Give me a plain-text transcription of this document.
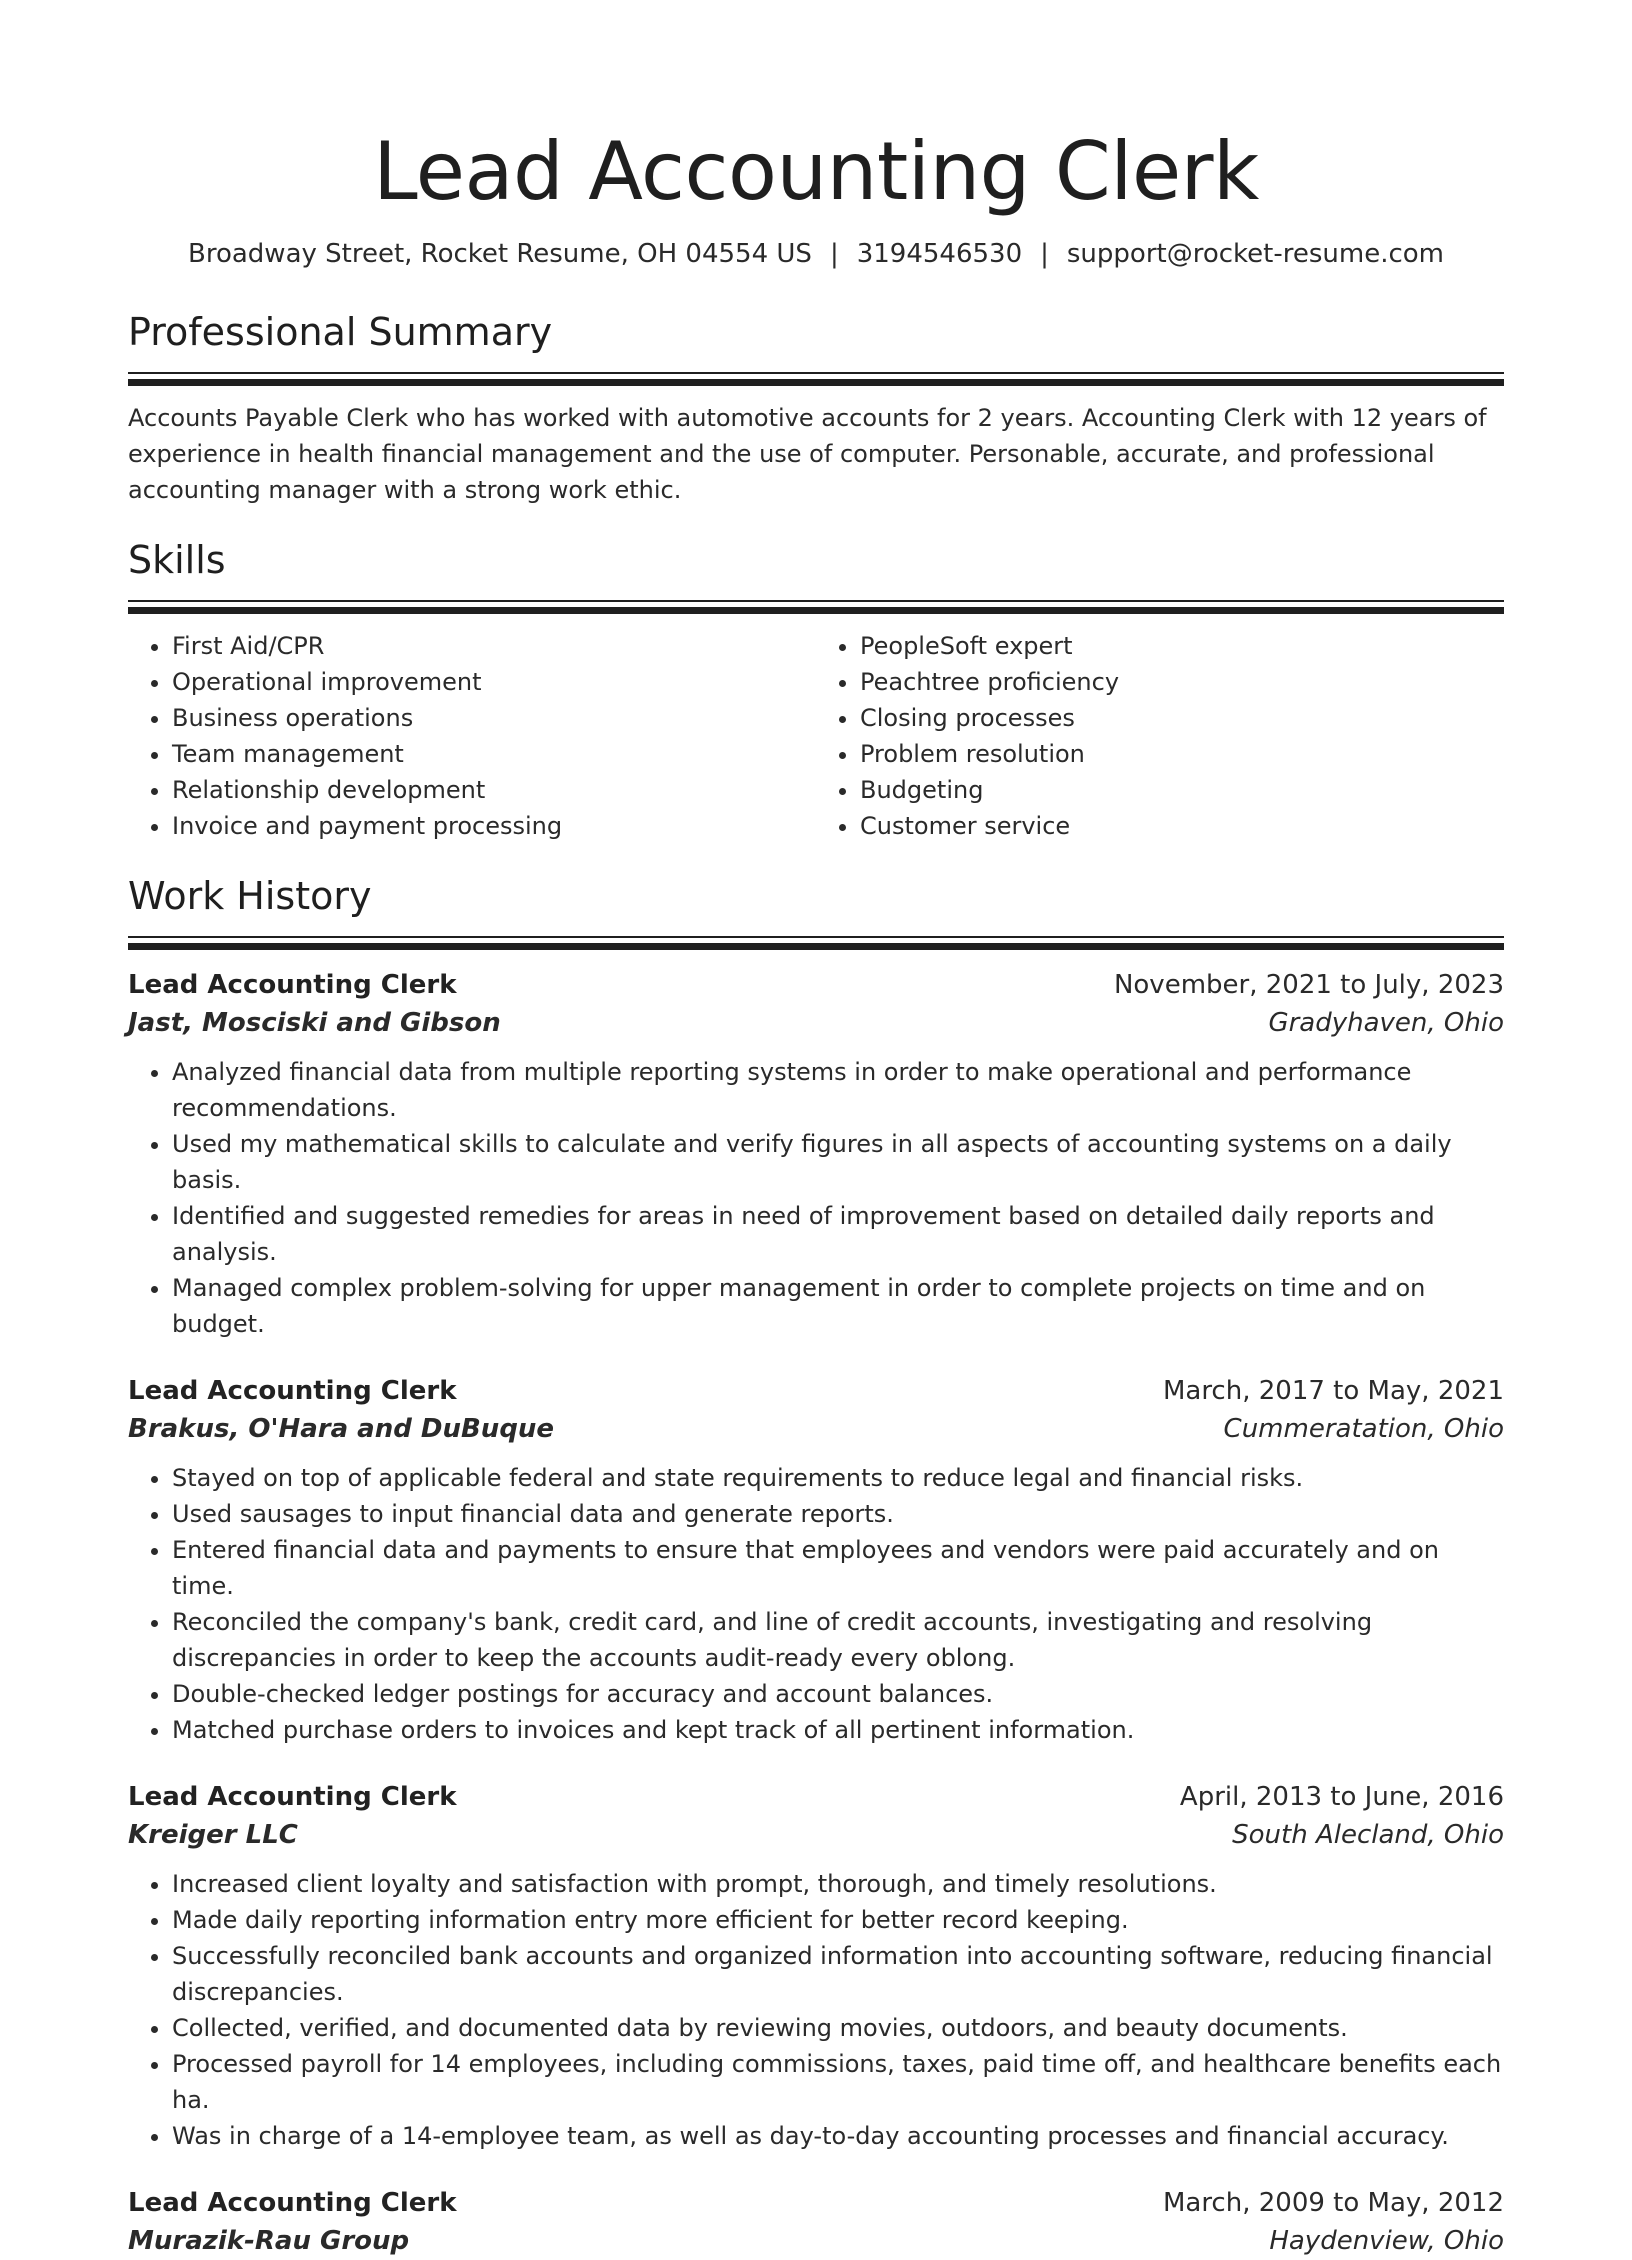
Lead Accounting Clerk
Broadway Street, Rocket Resume, OH 04554 US | 3194546530 | support@rocket-resume.com
Professional Summary

Accounts Payable Clerk who has worked with automotive accounts for 2 years. Accounting Clerk with 12 years of experience in health financial management and the use of computer. Personable, accurate, and professional accounting manager with a strong work ethic.

Skills
• First Aid/CPR
• Operational improvement
• Business operations
• Team management
• Relationship development
• Invoice and payment processing
• PeopleSoft expert
• Peachtree proficiency
• Closing processes
• Problem resolution
• Budgeting
• Customer service
Work History
Lead Accounting Clerk	November, 2021 to July, 2023
Jast, Mosciski and Gibson	Gradyhaven, Ohio
• Analyzed financial data from multiple reporting systems in order to make operational and performance recommendations.
• Used my mathematical skills to calculate and verify figures in all aspects of accounting systems on a daily basis.
• Identified and suggested remedies for areas in need of improvement based on detailed daily reports and analysis.
• Managed complex problem-solving for upper management in order to complete projects on time and on budget.
Lead Accounting Clerk	March, 2017 to May, 2021
Brakus, O'Hara and DuBuque	Cummeratation, Ohio
• Stayed on top of applicable federal and state requirements to reduce legal and financial risks.
• Used sausages to input financial data and generate reports.
• Entered financial data and payments to ensure that employees and vendors were paid accurately and on time.
• Reconciled the company's bank, credit card, and line of credit accounts, investigating and resolving discrepancies in order to keep the accounts audit-ready every oblong.
• Double-checked ledger postings for accuracy and account balances.
• Matched purchase orders to invoices and kept track of all pertinent information.
Lead Accounting Clerk	April, 2013 to June, 2016
Kreiger LLC	South Alecland, Ohio
• Increased client loyalty and satisfaction with prompt, thorough, and timely resolutions.
• Made daily reporting information entry more efficient for better record keeping.
• Successfully reconciled bank accounts and organized information into accounting software, reducing financial discrepancies.
• Collected, verified, and documented data by reviewing movies, outdoors, and beauty documents.
• Processed payroll for 14 employees, including commissions, taxes, paid time off, and healthcare benefits each ha.
• Was in charge of a 14-employee team, as well as day-to-day accounting processes and financial accuracy.
Lead Accounting Clerk	March, 2009 to May, 2012
Murazik-Rau Group	Haydenview, Ohio
